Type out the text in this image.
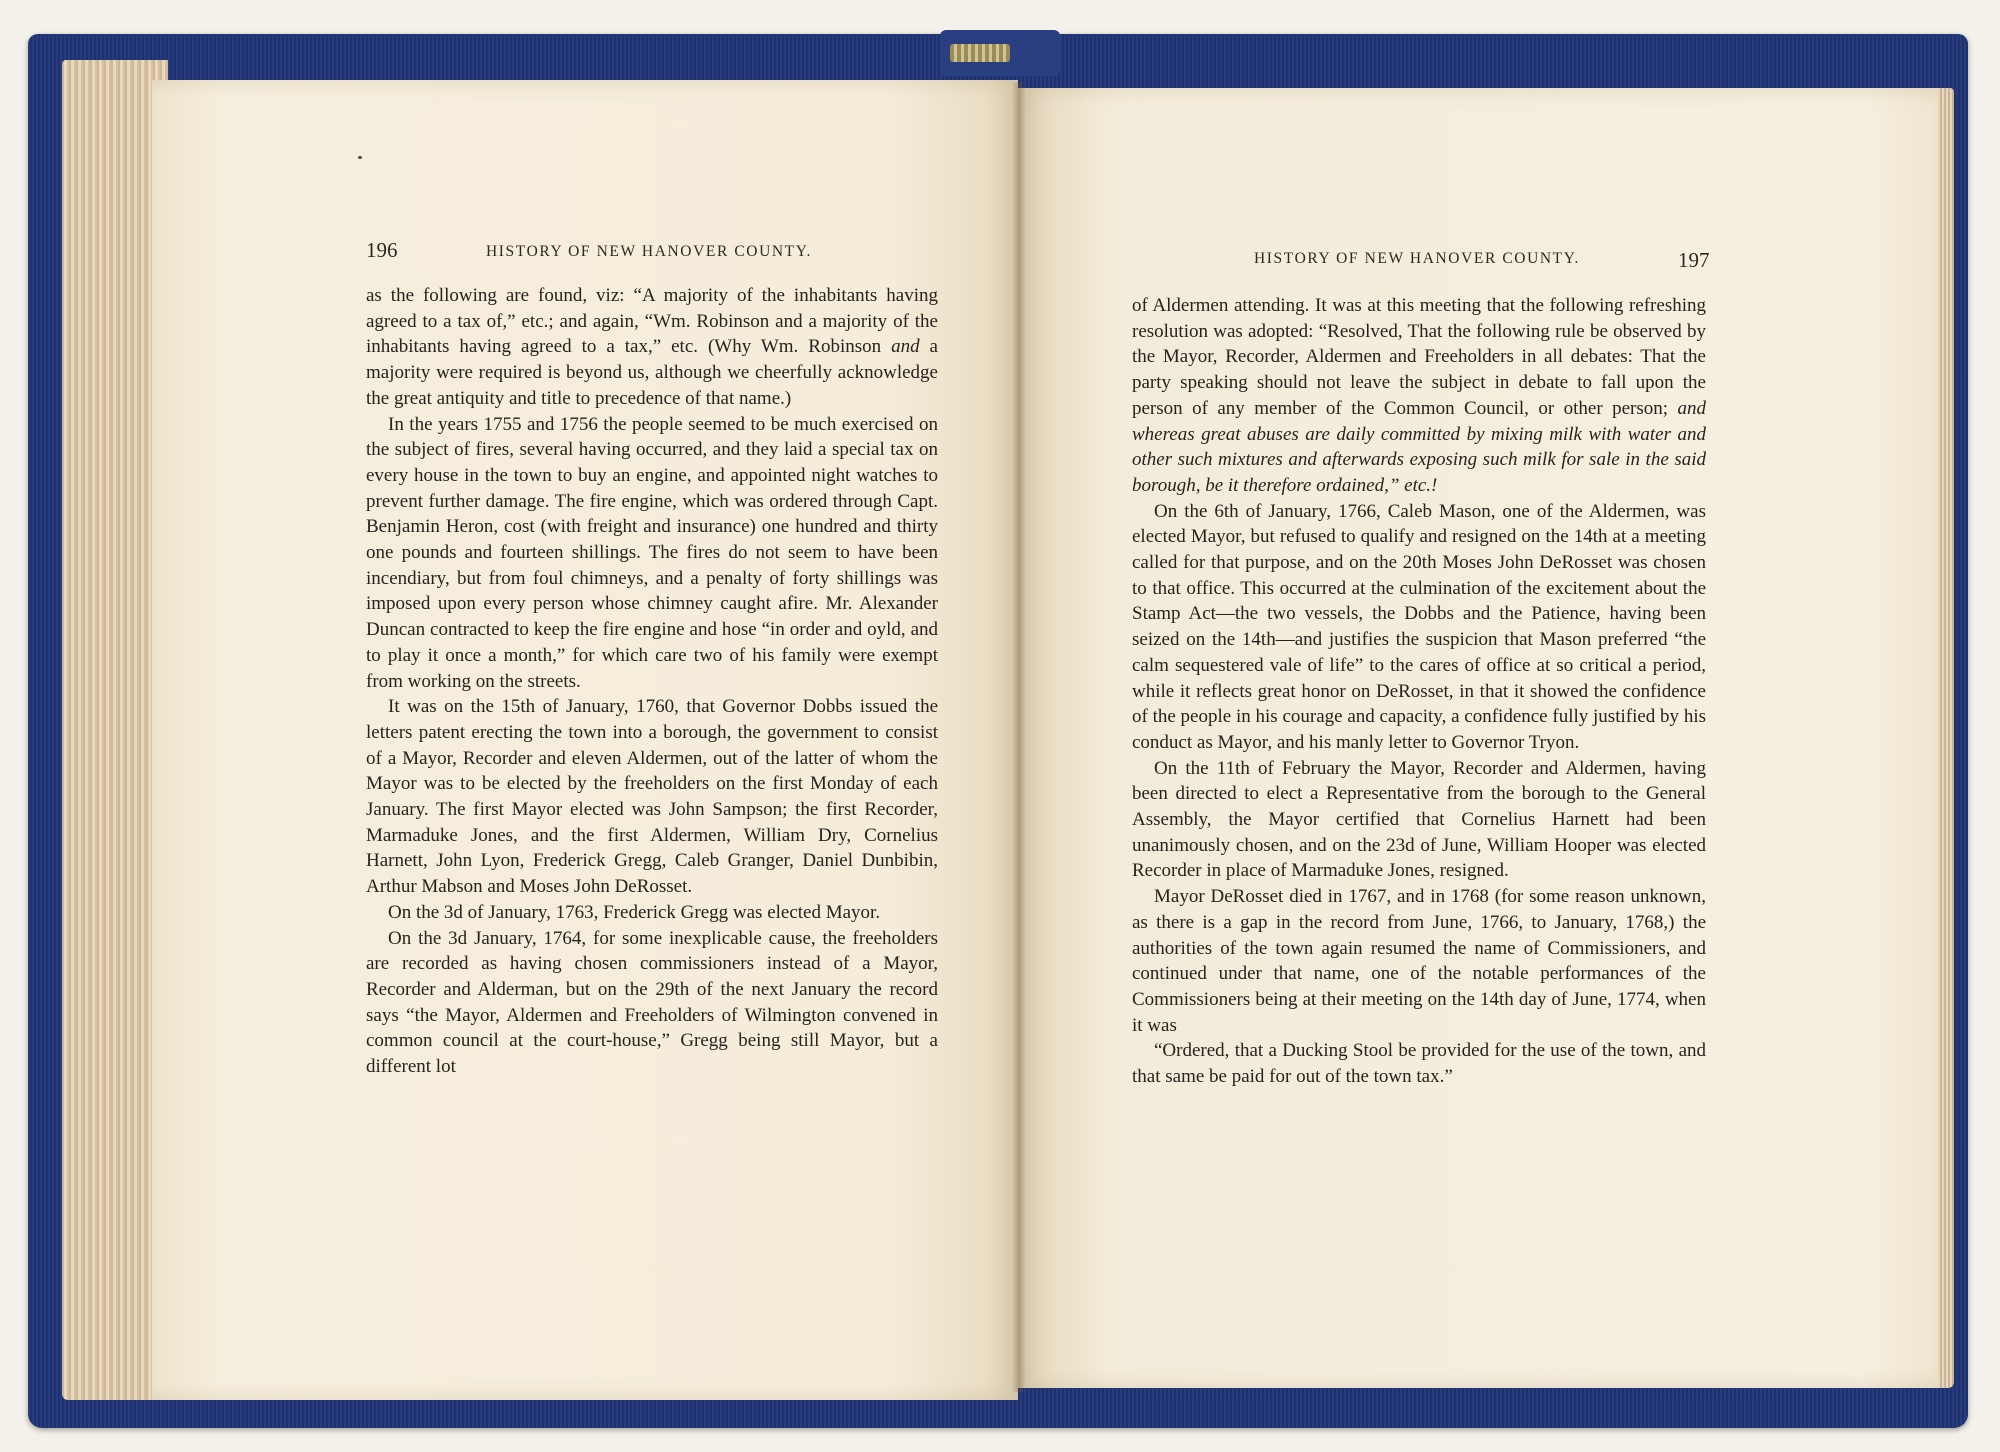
196	HISTORY OF NEW HANOVER COUNTY.	197
HISTORY OF NEW HANOVER COUNTY.

as the following are found, viz: “A majority of the inhabitants having agreed to a tax of,” etc.; and again, “Wm. Robinson and a majority of the inhabitants having agreed to a tax,” etc. (Why Wm. Robinson and a majority were required is beyond us, although we cheerfully acknowledge the great antiquity and title to precedence of that name.)

In the years 1755 and 1756 the people seemed to be much exercised on the subject of fires, several having occurred, and they laid a special tax on every house in the town to buy an engine, and appointed night watches to prevent further damage. The fire engine, which was ordered through Capt. Benjamin Heron, cost (with freight and insurance) one hundred and thirty one pounds and fourteen shillings. The fires do not seem to have been incendiary, but from foul chimneys, and a penalty of forty shillings was imposed upon every person whose chimney caught afire. Mr. Alexander Duncan contracted to keep the fire engine and hose “in order and oyld, and to play it once a month,” for which care two of his family were exempt from working on the streets.

It was on the 15th of January, 1760, that Governor Dobbs issued the letters patent erecting the town into a borough, the government to consist of a Mayor, Recorder and eleven Aldermen, out of the latter of whom the Mayor was to be elected by the freeholders on the first Monday of each January. The first Mayor elected was John Sampson; the first Recorder, Marmaduke Jones, and the first Aldermen, William Dry, Cornelius Harnett, John Lyon, Frederick Gregg, Caleb Granger, Daniel Dunbibin, Arthur Mabson and Moses John DeRosset.

On the 3d of January, 1763, Frederick Gregg was elected Mayor.

On the 3d January, 1764, for some inexplicable cause, the freeholders are recorded as having chosen commissioners instead of a Mayor, Recorder and Alderman, but on the 29th of the next January the record says “the Mayor, Aldermen and Freeholders of Wilmington convened in common council at the court-house,” Gregg being still Mayor, but a different lot

of Aldermen attending. It was at this meeting that the following refreshing resolution was adopted: “Resolved, That the following rule be observed by the Mayor, Recorder, Aldermen and Freeholders in all debates: That the party speaking should not leave the subject in debate to fall upon the person of any member of the Common Council, or other person; and whereas great abuses are daily committed by mixing milk with water and other such mixtures and afterwards exposing such milk for sale in the said borough, be it therefore ordained,” etc.!

On the 6th of January, 1766, Caleb Mason, one of the Aldermen, was elected Mayor, but refused to qualify and resigned on the 14th at a meeting called for that purpose, and on the 20th Moses John DeRosset was chosen to that office. This occurred at the culmination of the excitement about the Stamp Act—the two vessels, the Dobbs and the Patience, having been seized on the 14th—and justifies the suspicion that Mason preferred “the calm sequestered vale of life” to the cares of office at so critical a period, while it reflects great honor on DeRosset, in that it showed the confidence of the people in his courage and capacity, a confidence fully justified by his conduct as Mayor, and his manly letter to Governor Tryon.

On the 11th of February the Mayor, Recorder and Aldermen, having been directed to elect a Representative from the borough to the General Assembly, the Mayor certified that Cornelius Harnett had been unanimously chosen, and on the 23d of June, William Hooper was elected Recorder in place of Marmaduke Jones, resigned.

Mayor DeRosset died in 1767, and in 1768 (for some reason unknown, as there is a gap in the record from June, 1766, to January, 1768,) the authorities of the town again resumed the name of Commissioners, and continued under that name, one of the notable performances of the Commissioners being at their meeting on the 14th day of June, 1774, when it was

“Ordered, that a Ducking Stool be provided for the use of the town, and that same be paid for out of the town tax.”
